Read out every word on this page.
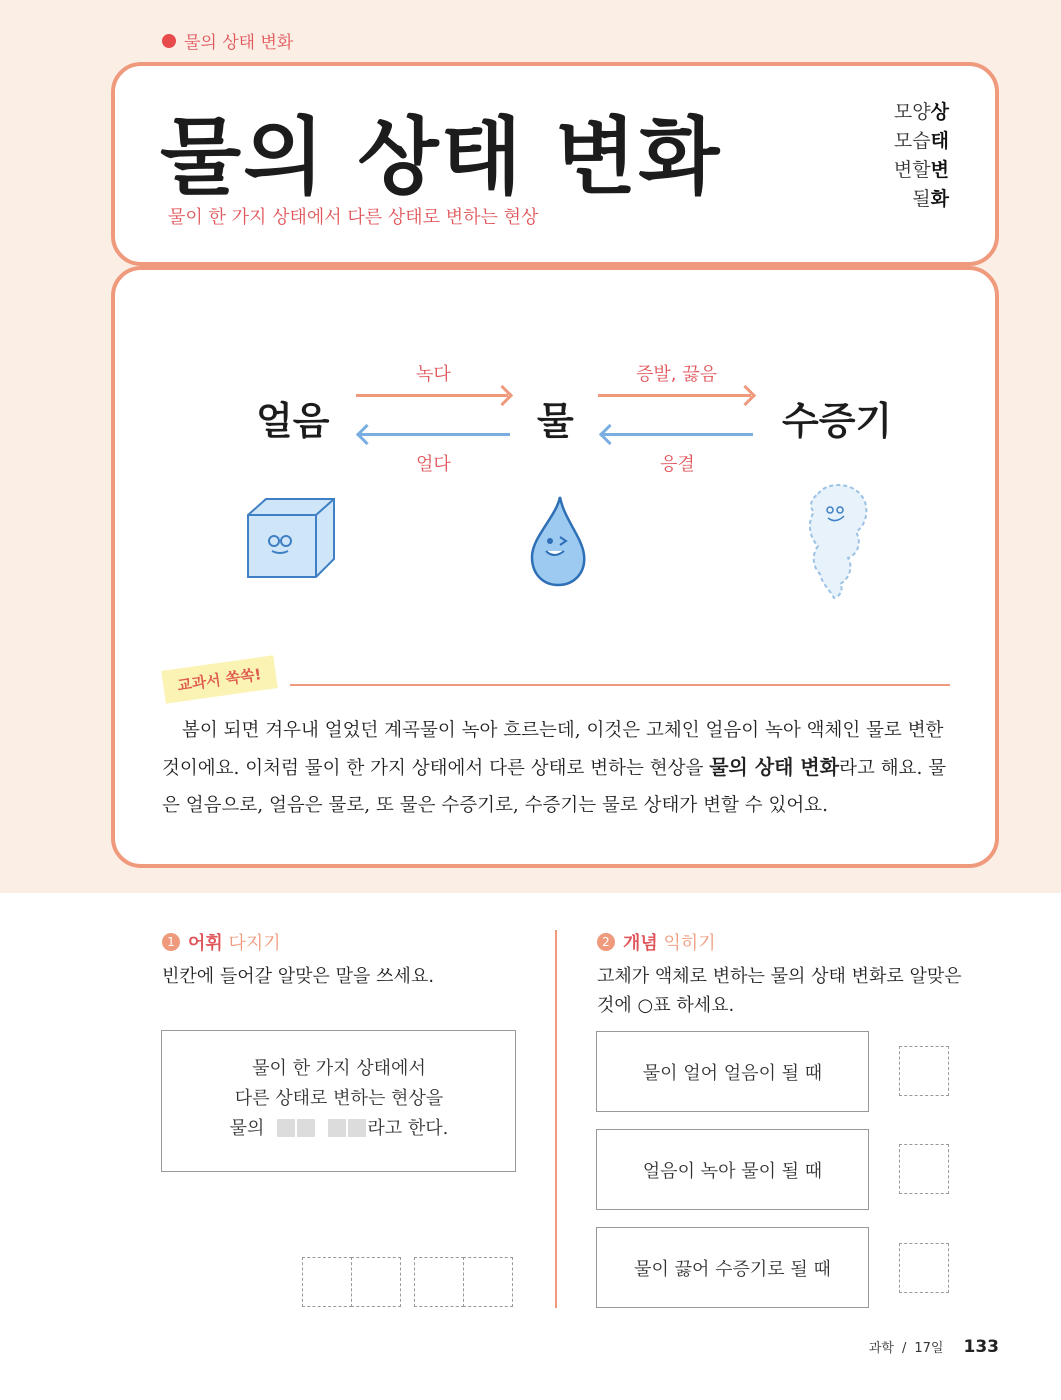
물의 상태 변화
물의 상태 변화
물이 한 가지 상태에서 다른 상태로 변하는 현상
모양상
모습태
변할변
될화
얼음	물	수증기
녹다
얼다
증발, 끓음
응결
교과서 쏙쏙!
봄이 되면 겨우내 얼었던 계곡물이 녹아 흐르는데, 이것은 고체인 얼음이 녹아 액체인 물로 변한 것이에요. 이처럼 물이 한 가지 상태에서 다른 상태로 변하는 현상을 물의 상태 변화라고 해요. 물은 얼음으로, 얼음은 물로, 또 물은 수증기로, 수증기는 물로 상태가 변할 수 있어요.
1 어휘 다지기
빈칸에 들어갈 알맞은 말을 쓰세요.
물이 한 가지 상태에서
다른 상태로 변하는 현상을
물의	라고 한다.
2 개념 익히기
고체가 액체로 변하는 물의 상태 변화로 알맞은
것에 ○표 하세요.
물이 얼어 얼음이 될 때
얼음이 녹아 물이 될 때
물이 끓어 수증기로 될 때
과학 / 17일 133
